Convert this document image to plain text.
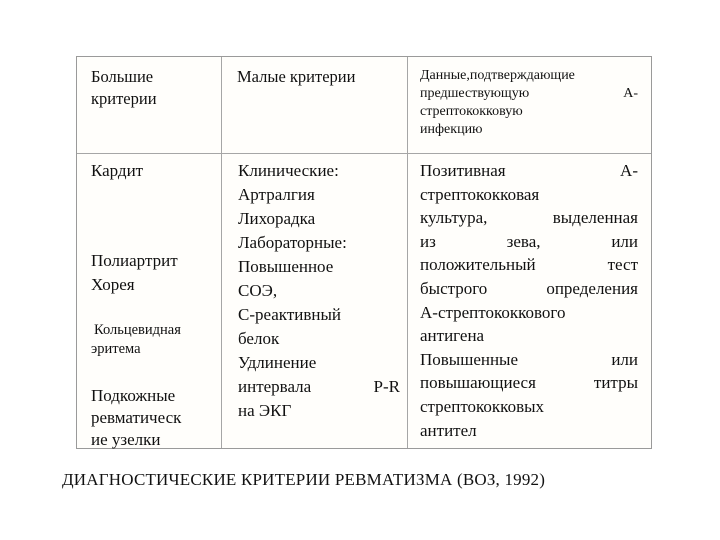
Большие
критерии
Малые критерии	Данные,подтверждающие
предшествующую А-
стрептококковую
инфекцию
Кардит
Полиартрит
Хорея
Кольцевидная
эритема
Подкожные
ревматическ
ие узелки
Клинические:
Артралгия
Лихорадка
Лабораторные:
Повышенное
СОЭ,
С-реактивный
белок
Удлинение
интервала P-R
на ЭКГ
Позитивная А-
стрептококковая
культура, выделенная
из зева, или
положительный тест
быстрого определения
А-стрептококкового
антигена
Повышенные или
повышающиеся титры
стрептококковых
антител
ДИАГНОСТИЧЕСКИЕ КРИТЕРИИ РЕВМАТИЗМА (ВОЗ, 1992)
